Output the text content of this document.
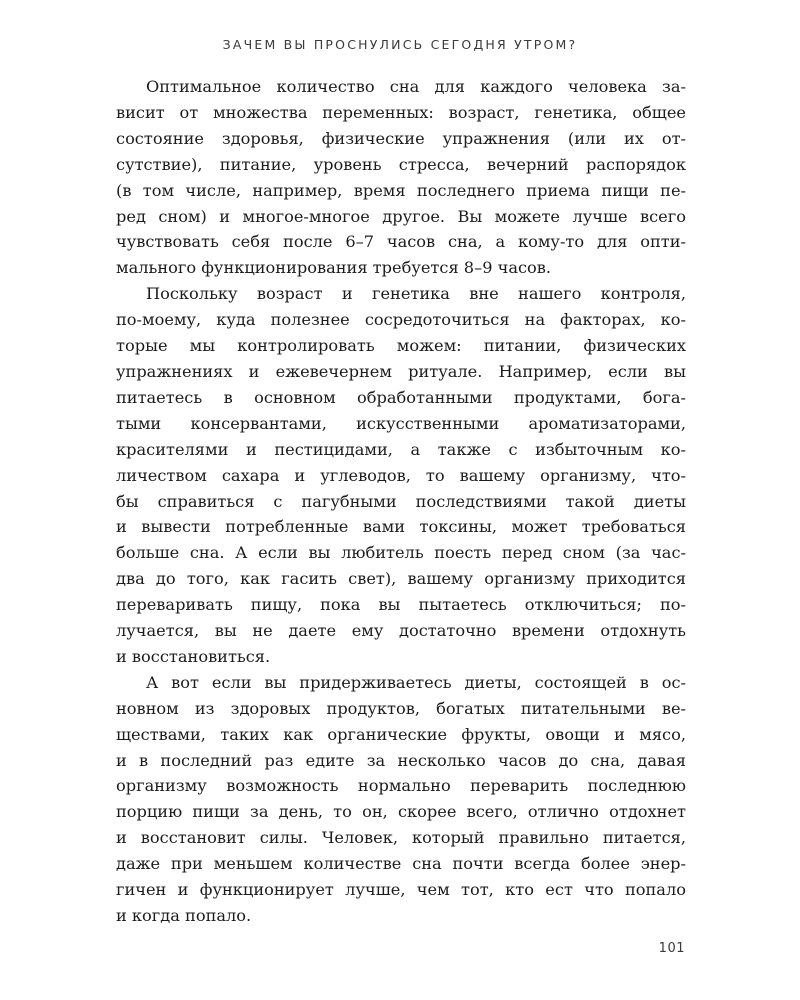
ЗАЧЕМ ВЫ ПРОСНУЛИСЬ СЕГОДНЯ УТРОМ?
Оптимальное количество сна для каждого человека за-
висит от множества переменных: возраст, генетика, общее
состояние здоровья, физические упражнения (или их от-
сутствие), питание, уровень стресса, вечерний распорядок
(в том числе, например, время последнего приема пищи пе-
ред сном) и многое-многое другое. Вы можете лучше всего
чувствовать себя после 6–7 часов сна, а кому-то для опти-
мального функционирования требуется 8–9 часов.
Поскольку возраст и генетика вне нашего контроля,
по-моему, куда полезнее сосредоточиться на факторах, ко-
торые мы контролировать можем: питании, физических
упражнениях и ежевечернем ритуале. Например, если вы
питаетесь в основном обработанными продуктами, бога-
тыми консервантами, искусственными ароматизаторами,
красителями и пестицидами, а также с избыточным ко-
личеством сахара и углеводов, то вашему организму, что-
бы справиться с пагубными последствиями такой диеты
и вывести потребленные вами токсины, может требоваться
больше сна. А если вы любитель поесть перед сном (за час-
два до того, как гасить свет), вашему организму приходится
переваривать пищу, пока вы пытаетесь отключиться; по-
лучается, вы не даете ему достаточно времени отдохнуть
и восстановиться.
А вот если вы придерживаетесь диеты, состоящей в ос-
новном из здоровых продуктов, богатых питательными ве-
ществами, таких как органические фрукты, овощи и мясо,
и в последний раз едите за несколько часов до сна, давая
организму возможность нормально переварить последнюю
порцию пищи за день, то он, скорее всего, отлично отдохнет
и восстановит силы. Человек, который правильно питается,
даже при меньшем количестве сна почти всегда более энер-
гичен и функционирует лучше, чем тот, кто ест что попало
и когда попало.
101
